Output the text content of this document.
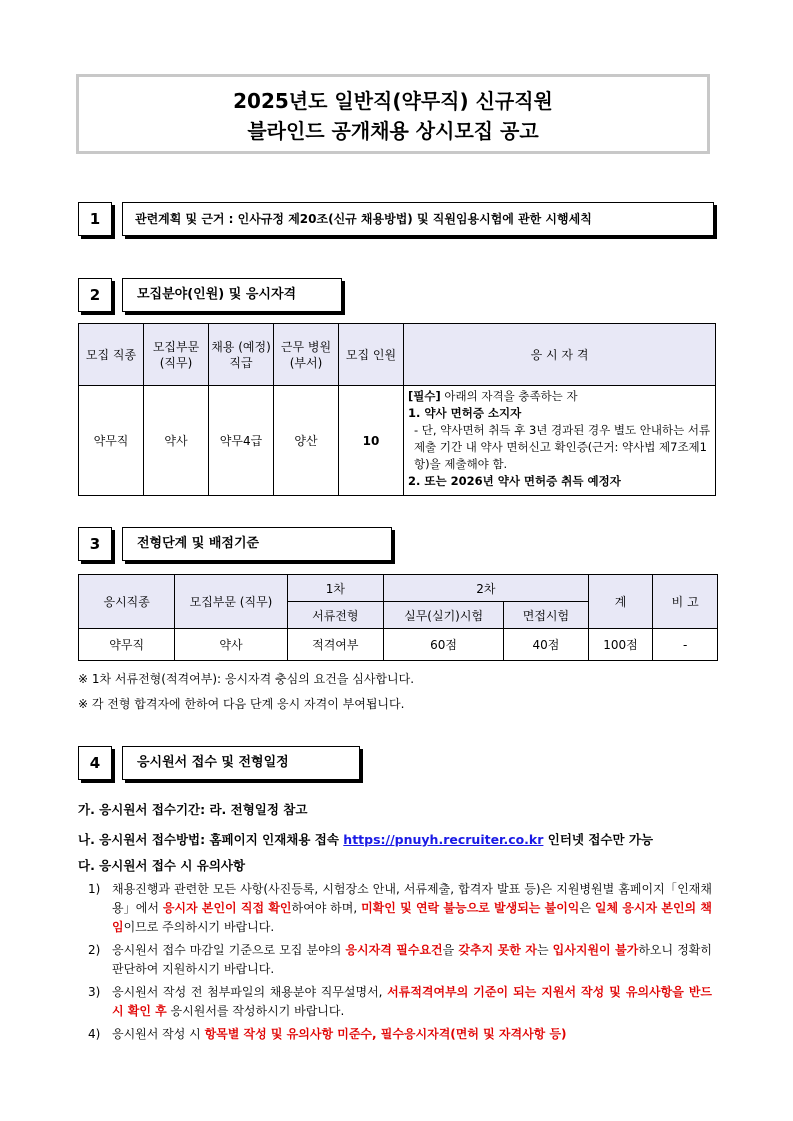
2025년도 일반직(약무직) 신규직원
블라인드 공개채용 상시모집 공고
1	관련계획 및 근거 : 인사규정 제20조(신규 채용방법) 및 직원임용시험에 관한 시행세칙
2	모집분야(인원) 및 응시자격
모집 직종	모집부문 (직무)	채용 (예정) 직급	근무 병원 (부서)	모집 인원	응 시 자 격
약무직	약사	약무4급	양산	10	[필수] 아래의 자격을 충족하는 자
1. 약사 면허증 소지자
- 단, 약사면허 취득 후 3년 경과된 경우 별도 안내하는 서류제출 기간 내 약사 면허신고 확인증(근거: 약사법 제7조제1항)을 제출해야 함.
2. 또는 2026년 약사 면허증 취득 예정자
3	전형단계 및 배점기준
응시직종	모집부문 (직무)	1차	2차		계	비 고
		서류전형	실무(실기)시험	면접시험		
약무직	약사	적격여부	60점	40점	100점	-
※ 1차 서류전형(적격여부): 응시자격 충심의 요건을 심사합니다.
※ 각 전형 합격자에 한하여 다음 단계 응시 자격이 부여됩니다.
4	응시원서 접수 및 전형일정
가. 응시원서 접수기간: 라. 전형일정 참고
나. 응시원서 접수방법: 홈페이지 인재채용 접속 https://pnuyh.recruiter.co.kr 인터넷 접수만 가능
다. 응시원서 접수 시 유의사항
1) 채용진행과 관련한 모든 사항(사진등록, 시험장소 안내, 서류제출, 합격자 발표 등)은 지원병원별 홈페이지「인재채용」에서 응시자 본인이 직접 확인하여야 하며, 미확인 및 연락 불능으로 발생되는 불이익은 일체 응시자 본인의 책임이므로 주의하시기 바랍니다.
2) 응시원서 접수 마감일 기준으로 모집 분야의 응시자격 필수요건을 갖추지 못한 자는 입사지원이 불가하오니 정확히 판단하여 지원하시기 바랍니다.
3) 응시원서 작성 전 첨부파일의 채용분야 직무설명서, 서류적격여부의 기준이 되는 지원서 작성 및 유의사항을 반드시 확인 후 응시원서를 작성하시기 바랍니다.
4) 응시원서 작성 시 항목별 작성 및 유의사항 미준수, 필수응시자격(면허 및 자격사항 등)
